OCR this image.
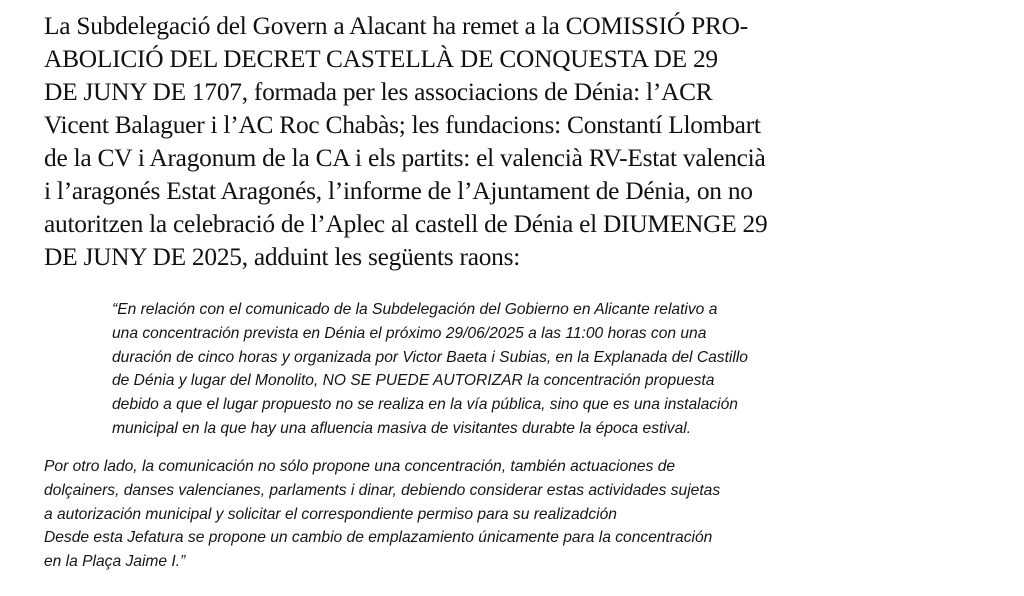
La Subdelegació del Govern a Alacant ha remet a la COMISSIÓ PRO-
ABOLICIÓ DEL DECRET CASTELLÀ DE CONQUESTA DE 29
DE JUNY DE 1707, formada per les associacions de Dénia: l’ACR
Vicent Balaguer i l’AC Roc Chabàs; les fundacions: Constantí Llombart
de la CV i Aragonum de la CA i els partits: el valencià RV-Estat valencià
i l’aragonés Estat Aragonés, l’informe de l’Ajuntament de Dénia, on no
autoritzen la celebració de l’Aplec al castell de Dénia el DIUMENGE 29
DE JUNY DE 2025, adduint les següents raons:

“En relación con el comunicado de la Subdelegación del Gobierno en Alicante relativo a
una concentración prevista en Dénia el próximo 29/06/2025 a las 11:00 horas con una
duración de cinco horas y organizada por Victor Baeta i Subias, en la Explanada del Castillo
de Dénia y lugar del Monolito, NO SE PUEDE AUTORIZAR la concentración propuesta
debido a que el lugar propuesto no se realiza en la vía pública, sino que es una instalación
municipal en la que hay una afluencia masiva de visitantes durabte la época estival.

Por otro lado, la comunicación no sólo propone una concentración, también actuaciones de
dolçainers, danses valencianes, parlaments i dinar, debiendo considerar estas actividades sujetas
a autorización municipal y solicitar el correspondiente permiso para su realizadción
Desde esta Jefatura se propone un cambio de emplazamiento únicamente para la concentración
en la Plaça Jaime I.”
